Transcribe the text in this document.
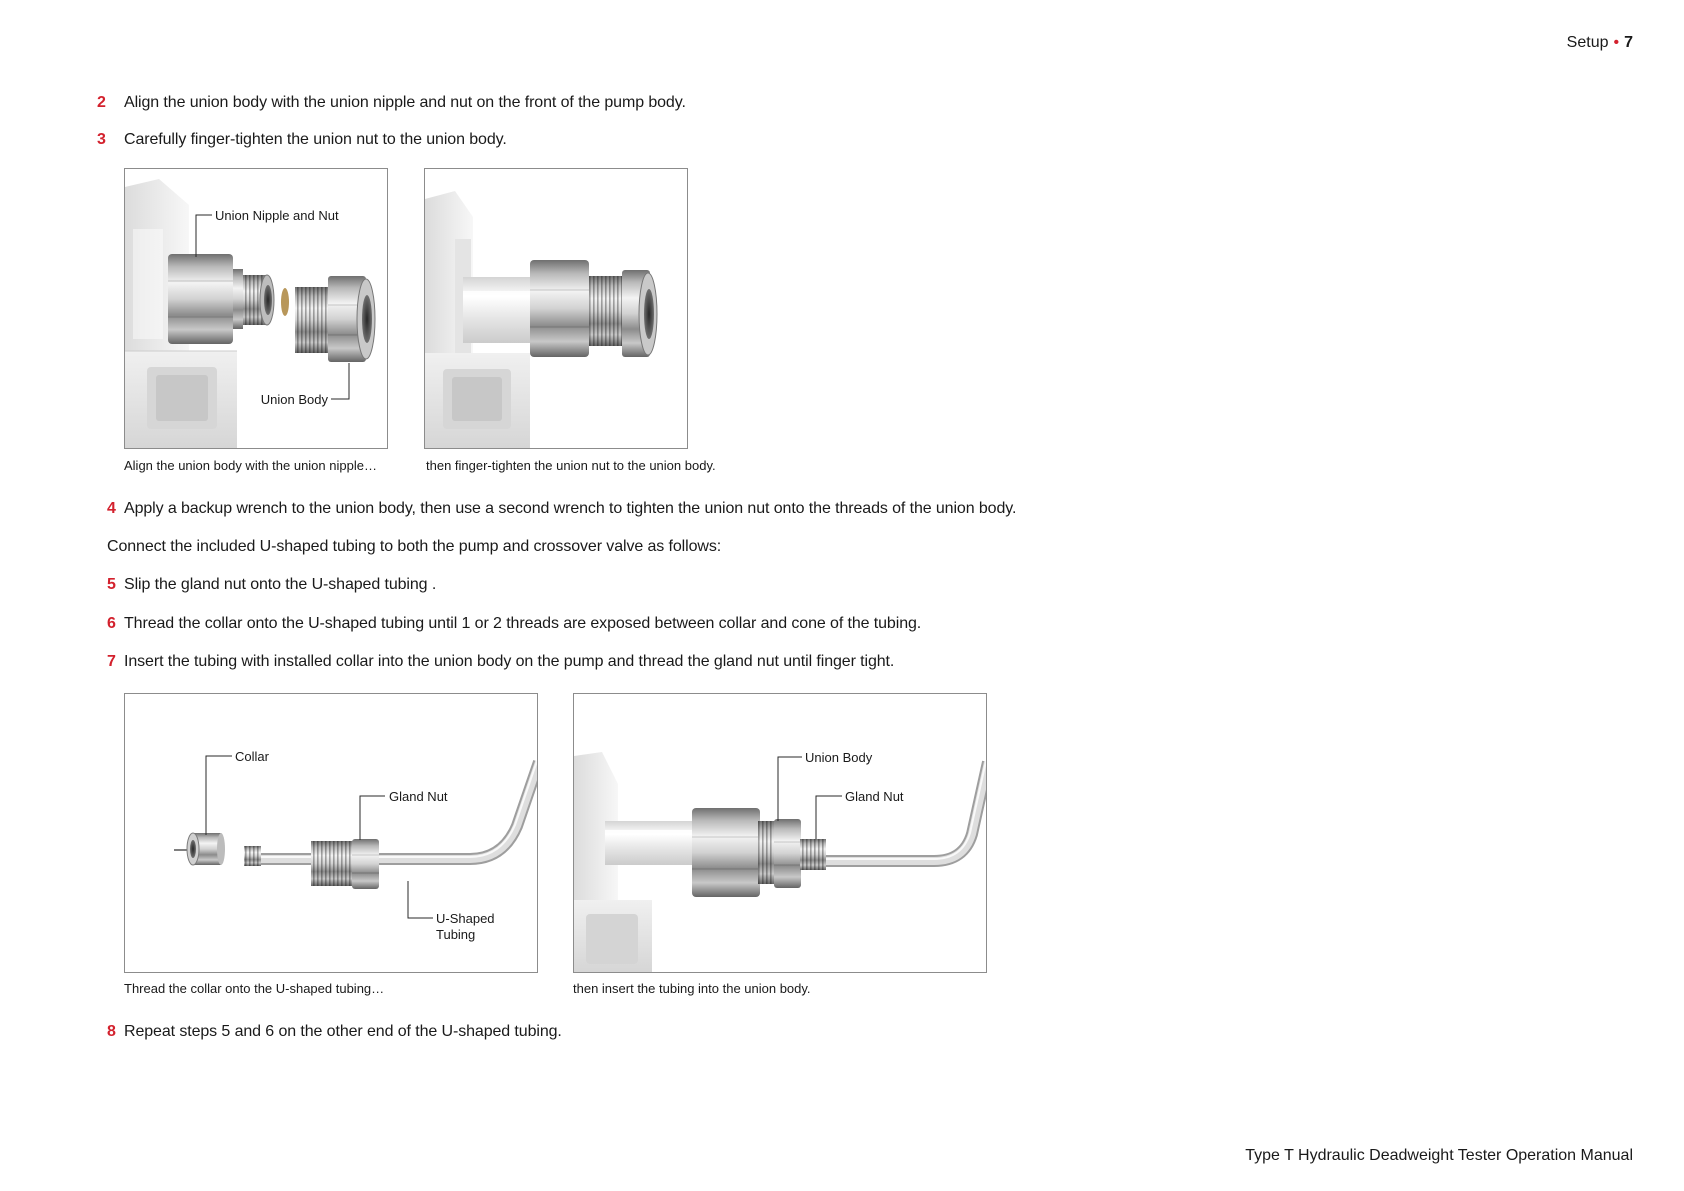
Setup • 7
2 Align the union body with the union nipple and nut on the front of the pump body.
3 Carefully finger-tighten the union nut to the union body.
Union Nipple and Nut
Union Body
Align the union body with the union nipple…	then finger-tighten the union nut to the union body.
4 Apply a backup wrench to the union body, then use a second wrench to tighten the union nut onto the threads of the union body.
Connect the included U-shaped tubing to both the pump and crossover valve as follows:
5 Slip the gland nut onto the U-shaped tubing .
6 Thread the collar onto the U-shaped tubing until 1 or 2 threads are exposed between collar and cone of the tubing.
7 Insert the tubing with installed collar into the union body on the pump and thread the gland nut until finger tight.
Collar
Gland Nut
U-Shaped
Tubing
Thread the collar onto the U-shaped tubing…
Union Body
Gland Nut
then insert the tubing into the union body.
8 Repeat steps 5 and 6 on the other end of the U-shaped tubing.
Type T Hydraulic Deadweight Tester Operation Manual
